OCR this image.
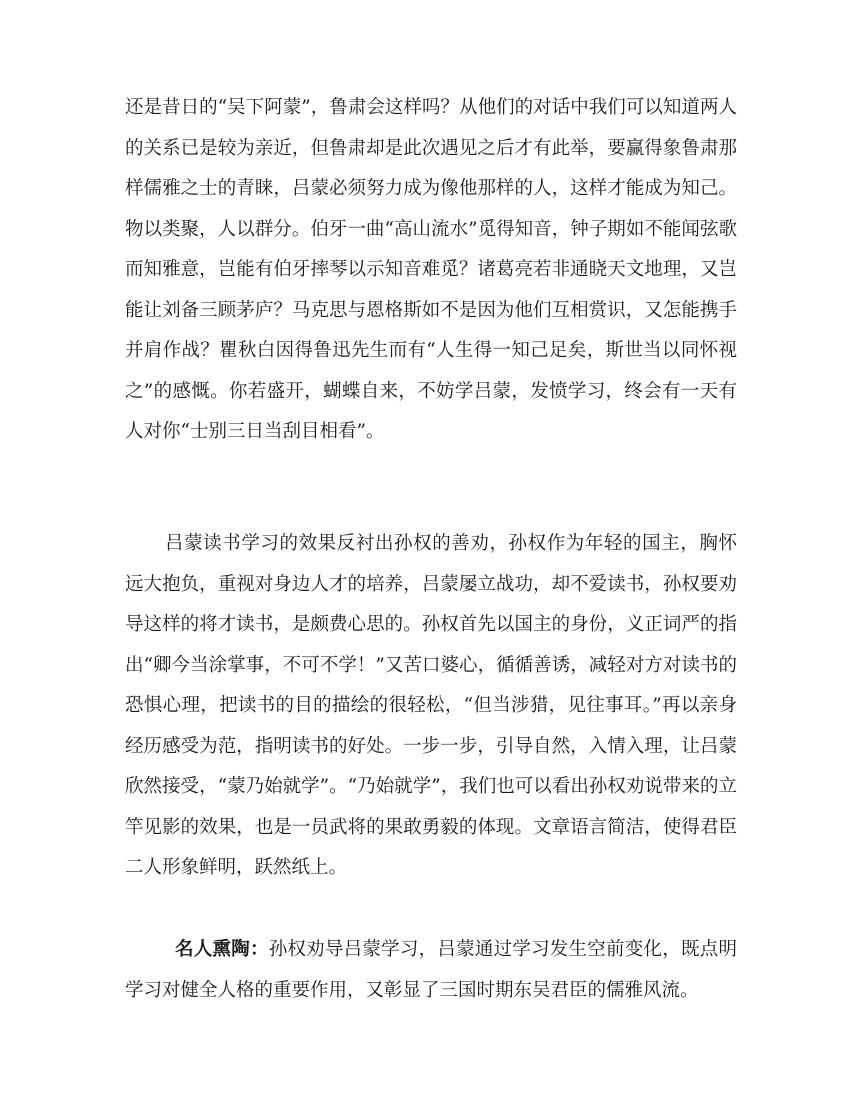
还是昔日的“吴下阿蒙”，鲁肃会这样吗？从他们的对话中我们可以知道两人的关系已是较为亲近，但鲁肃却是此次遇见之后才有此举，要赢得象鲁肃那样儒雅之士的青睐，吕蒙必须努力成为像他那样的人，这样才能成为知己。物以类聚，人以群分。伯牙一曲“高山流水”觅得知音，钟子期如不能闻弦歌而知雅意，岂能有伯牙摔琴以示知音难觅？诸葛亮若非通晓天文地理，又岂能让刘备三顾茅庐？马克思与恩格斯如不是因为他们互相赏识，又怎能携手并肩作战？瞿秋白因得鲁迅先生而有“人生得一知己足矣，斯世当以同怀视之”的感慨。你若盛开，蝴蝶自来，不妨学吕蒙，发愤学习，终会有一天有人对你“士别三日当刮目相看”。

吕蒙读书学习的效果反衬出孙权的善劝，孙权作为年轻的国主，胸怀远大抱负，重视对身边人才的培养，吕蒙屡立战功，却不爱读书，孙权要劝导这样的将才读书，是颇费心思的。孙权首先以国主的身份，义正词严的指出“卿今当涂掌事，不可不学！”又苦口婆心，循循善诱，减轻对方对读书的恐惧心理，把读书的目的描绘的很轻松，“但当涉猎，见往事耳。”再以亲身经历感受为范，指明读书的好处。一步一步，引导自然，入情入理，让吕蒙欣然接受，“蒙乃始就学”。“乃始就学”，我们也可以看出孙权劝说带来的立竿见影的效果，也是一员武将的果敢勇毅的体现。文章语言简洁，使得君臣二人形象鲜明，跃然纸上。

名人熏陶：孙权劝导吕蒙学习，吕蒙通过学习发生空前变化，既点明学习对健全人格的重要作用，又彰显了三国时期东吴君臣的儒雅风流。
